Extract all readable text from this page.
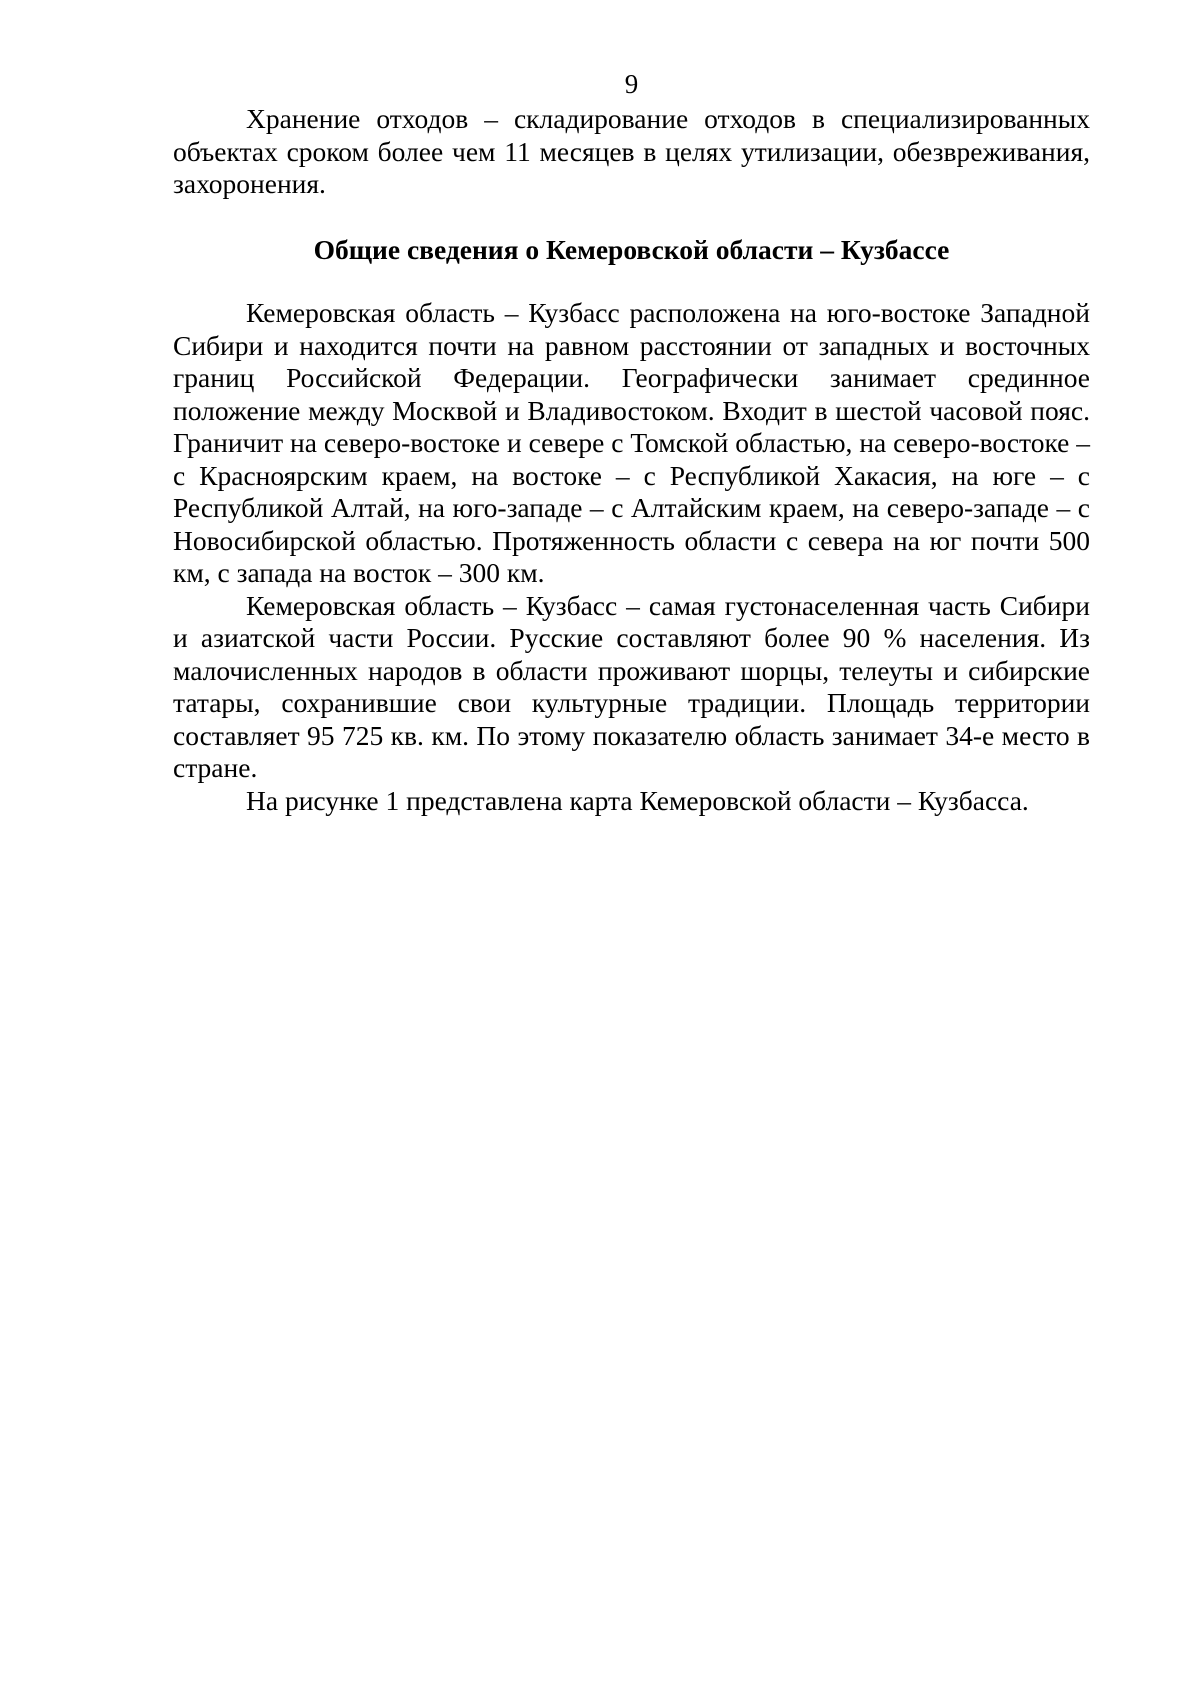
9

Хранение отходов – складирование отходов в специализированных объектах сроком более чем 11 месяцев в целях утилизации, обезвреживания, захоронения.

Общие сведения о Кемеровской области – Кузбассе

Кемеровская область – Кузбасс расположена на юго-востоке Западной Сибири и находится почти на равном расстоянии от западных и восточных границ Российской Федерации. Географически занимает срединное положение между Москвой и Владивостоком. Входит в шестой часовой пояс. Граничит на северо-востоке и севере с Томской областью, на северо-востоке – с Красноярским краем, на востоке – с Республикой Хакасия, на юге – с Республикой Алтай, на юго-западе – с Алтайским краем, на северо-западе – с Новосибирской областью. Протяженность области с севера на юг почти 500 км, с запада на восток – 300 км.

Кемеровская область – Кузбасс – самая густонаселенная часть Сибири и азиатской части России. Русские составляют более 90 % населения. Из малочисленных народов в области проживают шорцы, телеуты и сибирские татары, сохранившие свои культурные традиции. Площадь территории составляет 95 725 кв. км. По этому показателю область занимает 34-е место в стране.

На рисунке 1 представлена карта Кемеровской области – Кузбасса.
